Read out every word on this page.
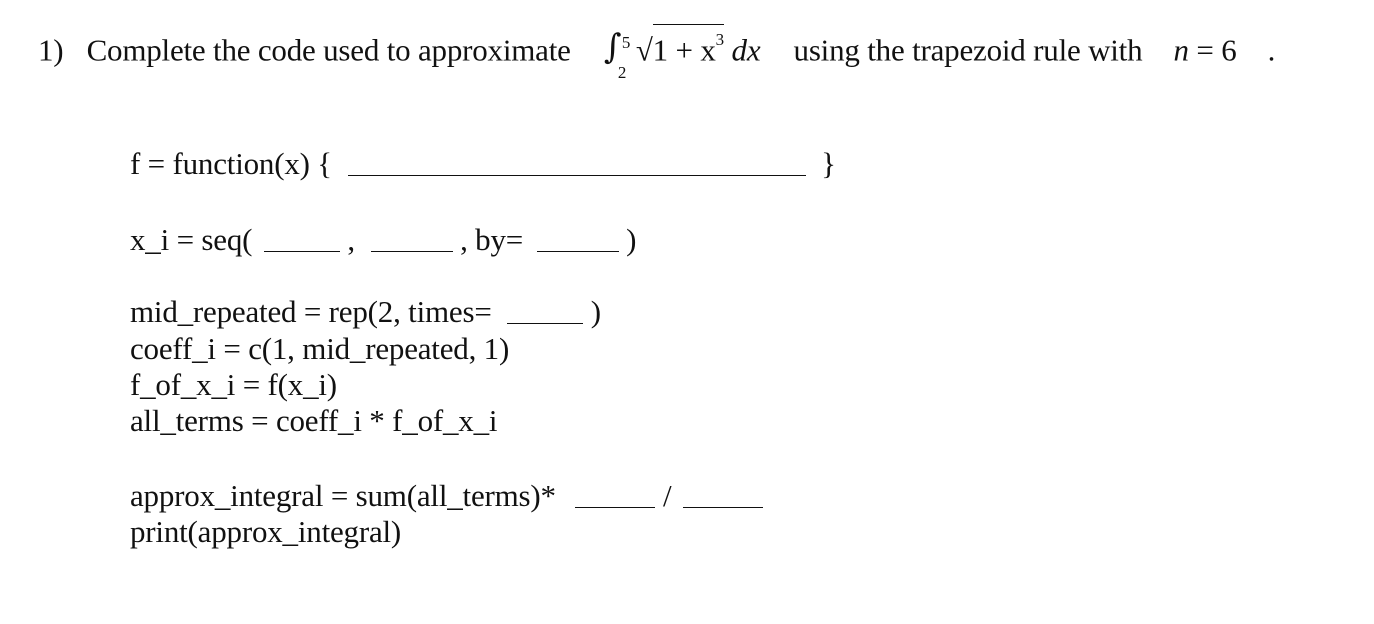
1) Complete the code used to approximate ∫ 5
2
$√1 + x^3$ dx using the trapezoid rule with n = 6 .
f = function(x) {	}
x_i = seq(	,	, by=	)
mid_repeated = rep(2, times=	)
coeff_i = c(1, mid_repeated, 1)
f_of_x_i = f(x_i)
all_terms = coeff_i * f_of_x_i
approx_integral = sum(all_terms)*	/
print(approx_integral)
